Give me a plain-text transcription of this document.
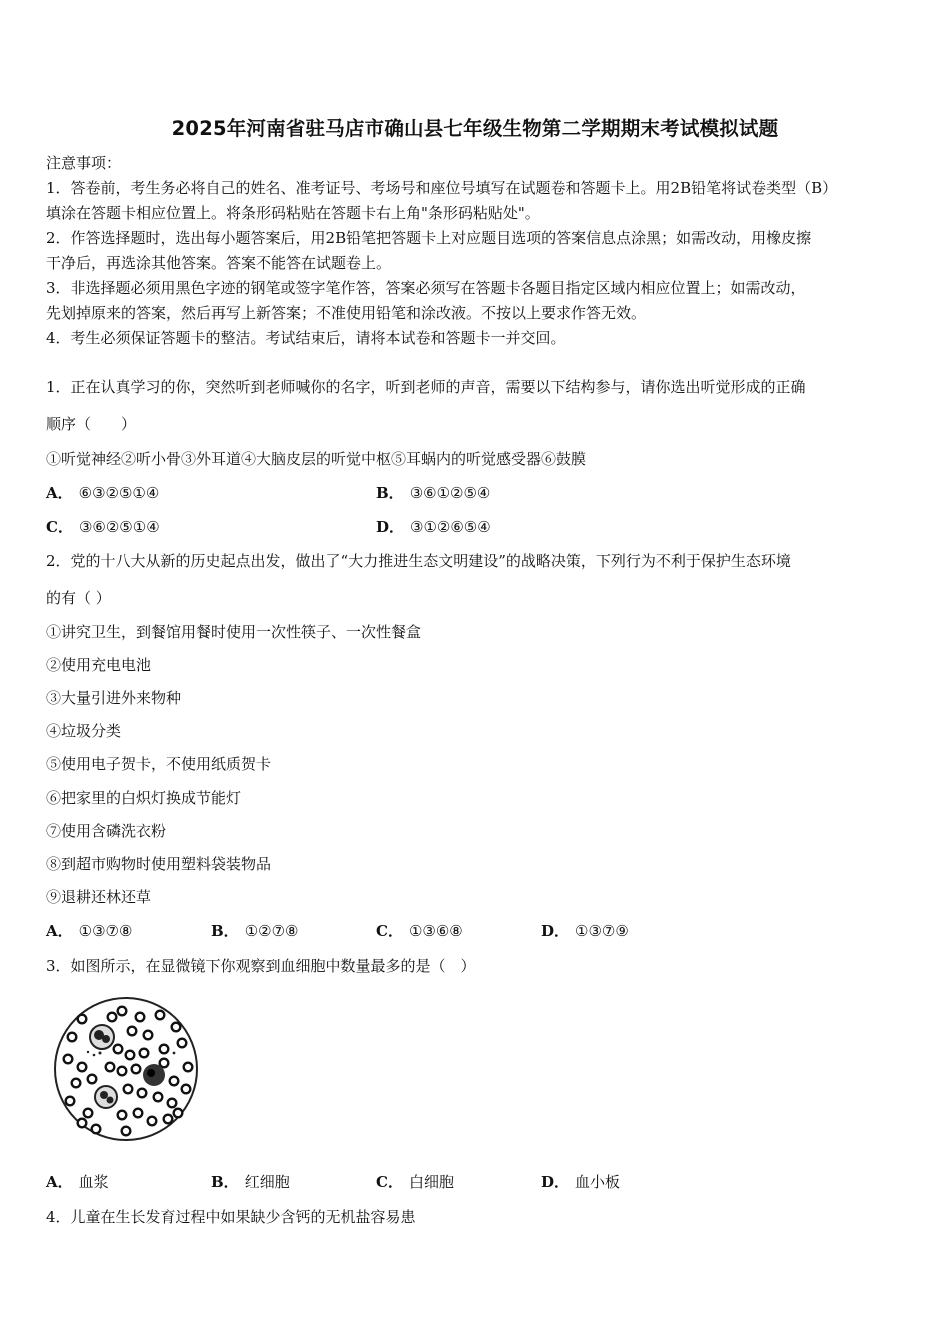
2025年河南省驻马店市确山县七年级生物第二学期期末考试模拟试题
注意事项：
1．答卷前，考生务必将自己的姓名、准考证号、考场号和座位号填写在试题卷和答题卡上。用2B铅笔将试卷类型（B）
填涂在答题卡相应位置上。将条形码粘贴在答题卡右上角"条形码粘贴处"。
2．作答选择题时，选出每小题答案后，用2B铅笔把答题卡上对应题目选项的答案信息点涂黑；如需改动，用橡皮擦
干净后，再选涂其他答案。答案不能答在试题卷上。
3．非选择题必须用黑色字迹的钢笔或签字笔作答，答案必须写在答题卡各题目指定区域内相应位置上；如需改动，
先划掉原来的答案，然后再写上新答案；不准使用铅笔和涂改液。不按以上要求作答无效。
4．考生必须保证答题卡的整洁。考试结束后，请将本试卷和答题卡一并交回。
1．正在认真学习的你，突然听到老师喊你的名字，听到老师的声音，需要以下结构参与，请你选出听觉形成的正确
顺序（　　）
①听觉神经②听小骨③外耳道④大脑皮层的听觉中枢⑤耳蜗内的听觉感受器⑥鼓膜
A． ⑥③②⑤①④	B． ③⑥①②⑤④
C． ③⑥②⑤①④	D． ③①②⑥⑤④
2．党的十八大从新的历史起点出发，做出了“大力推进生态文明建设”的战略决策，下列行为不利于保护生态环境
的有（ ）
①讲究卫生，到餐馆用餐时使用一次性筷子、一次性餐盒
②使用充电电池
③大量引进外来物种
④垃圾分类
⑤使用电子贺卡，不使用纸质贺卡
⑥把家里的白炽灯换成节能灯
⑦使用含磷洗衣粉
⑧到超市购物时使用塑料袋装物品
⑨退耕还林还草
A． ①③⑦⑧	B． ①②⑦⑧	C． ①③⑥⑧	D． ①③⑦⑨
3．如图所示，在显微镜下你观察到血细胞中数量最多的是（　）
A． 血浆	B． 红细胞	C． 白细胞	D． 血小板
4．儿童在生长发育过程中如果缺少含钙的无机盐容易患
